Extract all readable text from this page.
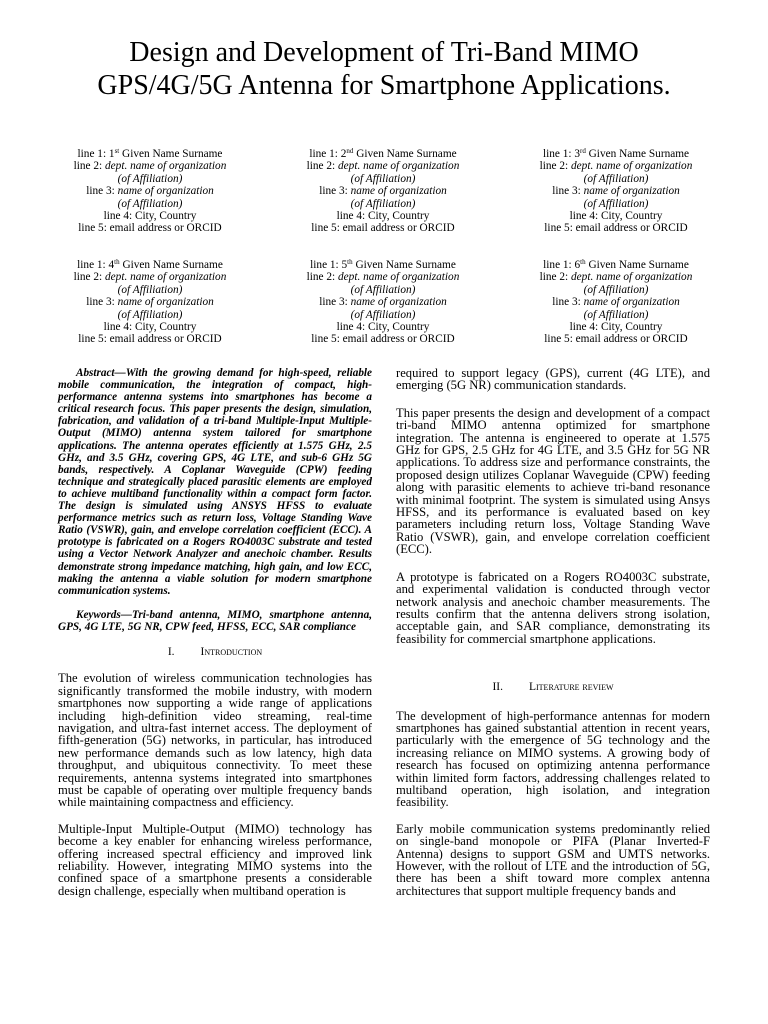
Design and Development of Tri-Band MIMO
GPS/4G/5G Antenna for Smartphone Applications.
line 1: 1st Given Name Surname
line 2: dept. name of organization
(of Affiliation)
line 3: name of organization
(of Affiliation)
line 4: City, Country
line 5: email address or ORCID
line 1: 2nd Given Name Surname
line 2: dept. name of organization
(of Affiliation)
line 3: name of organization
(of Affiliation)
line 4: City, Country
line 5: email address or ORCID
line 1: 3rd Given Name Surname
line 2: dept. name of organization
(of Affiliation)
line 3: name of organization
(of Affiliation)
line 4: City, Country
line 5: email address or ORCID
line 1: 4th Given Name Surname
line 2: dept. name of organization
(of Affiliation)
line 3: name of organization
(of Affiliation)
line 4: City, Country
line 5: email address or ORCID
line 1: 5th Given Name Surname
line 2: dept. name of organization
(of Affiliation)
line 3: name of organization
(of Affiliation)
line 4: City, Country
line 5: email address or ORCID
line 1: 6th Given Name Surname
line 2: dept. name of organization
(of Affiliation)
line 3: name of organization
(of Affiliation)
line 4: City, Country
line 5: email address or ORCID

Abstract—With the growing demand for high-speed, reliable mobile communication, the integration of compact, high-performance antenna systems into smartphones has become a critical research focus. This paper presents the design, simulation, fabrication, and validation of a tri-band Multiple-Input Multiple-Output (MIMO) antenna system tailored for smartphone applications. The antenna operates efficiently at 1.575 GHz, 2.5 GHz, and 3.5 GHz, covering GPS, 4G LTE, and sub-6 GHz 5G bands, respectively. A Coplanar Waveguide (CPW) feeding technique and strategically placed parasitic elements are employed to achieve multiband functionality within a compact form factor. The design is simulated using ANSYS HFSS to evaluate performance metrics such as return loss, Voltage Standing Wave Ratio (VSWR), gain, and envelope correlation coefficient (ECC). A prototype is fabricated on a Rogers RO4003C substrate and tested using a Vector Network Analyzer and anechoic chamber. Results demonstrate strong impedance matching, high gain, and low ECC, making the antenna a viable solution for modern smartphone communication systems.

Keywords—Tri-band antenna, MIMO, smartphone antenna, GPS, 4G LTE, 5G NR, CPW feed, HFSS, ECC, SAR compliance

I. Introduction

The evolution of wireless communication technologies has significantly transformed the mobile industry, with modern smartphones now supporting a wide range of applications including high-definition video streaming, real-time navigation, and ultra-fast internet access. The deployment of fifth-generation (5G) networks, in particular, has introduced new performance demands such as low latency, high data throughput, and ubiquitous connectivity. To meet these requirements, antenna systems integrated into smartphones must be capable of operating over multiple frequency bands while maintaining compactness and efficiency.

Multiple-Input Multiple-Output (MIMO) technology has become a key enabler for enhancing wireless performance, offering increased spectral efficiency and improved link reliability. However, integrating MIMO systems into the confined space of a smartphone presents a considerable design challenge, especially when multiband operation is

required to support legacy (GPS), current (4G LTE), and emerging (5G NR) communication standards.

This paper presents the design and development of a compact tri-band MIMO antenna optimized for smartphone integration. The antenna is engineered to operate at 1.575 GHz for GPS, 2.5 GHz for 4G LTE, and 3.5 GHz for 5G NR applications. To address size and performance constraints, the proposed design utilizes Coplanar Waveguide (CPW) feeding along with parasitic elements to achieve tri-band resonance with minimal footprint. The system is simulated using Ansys HFSS, and its performance is evaluated based on key parameters including return loss, Voltage Standing Wave Ratio (VSWR), gain, and envelope correlation coefficient (ECC).

A prototype is fabricated on a Rogers RO4003C substrate, and experimental validation is conducted through vector network analysis and anechoic chamber measurements. The results confirm that the antenna delivers strong isolation, acceptable gain, and SAR compliance, demonstrating its feasibility for commercial smartphone applications.

II. Literature review

The development of high-performance antennas for modern smartphones has gained substantial attention in recent years, particularly with the emergence of 5G technology and the increasing reliance on MIMO systems. A growing body of research has focused on optimizing antenna performance within limited form factors, addressing challenges related to multiband operation, high isolation, and integration feasibility.

Early mobile communication systems predominantly relied on single-band monopole or PIFA (Planar Inverted-F Antenna) designs to support GSM and UMTS networks. However, with the rollout of LTE and the introduction of 5G, there has been a shift toward more complex antenna architectures that support multiple frequency bands and
